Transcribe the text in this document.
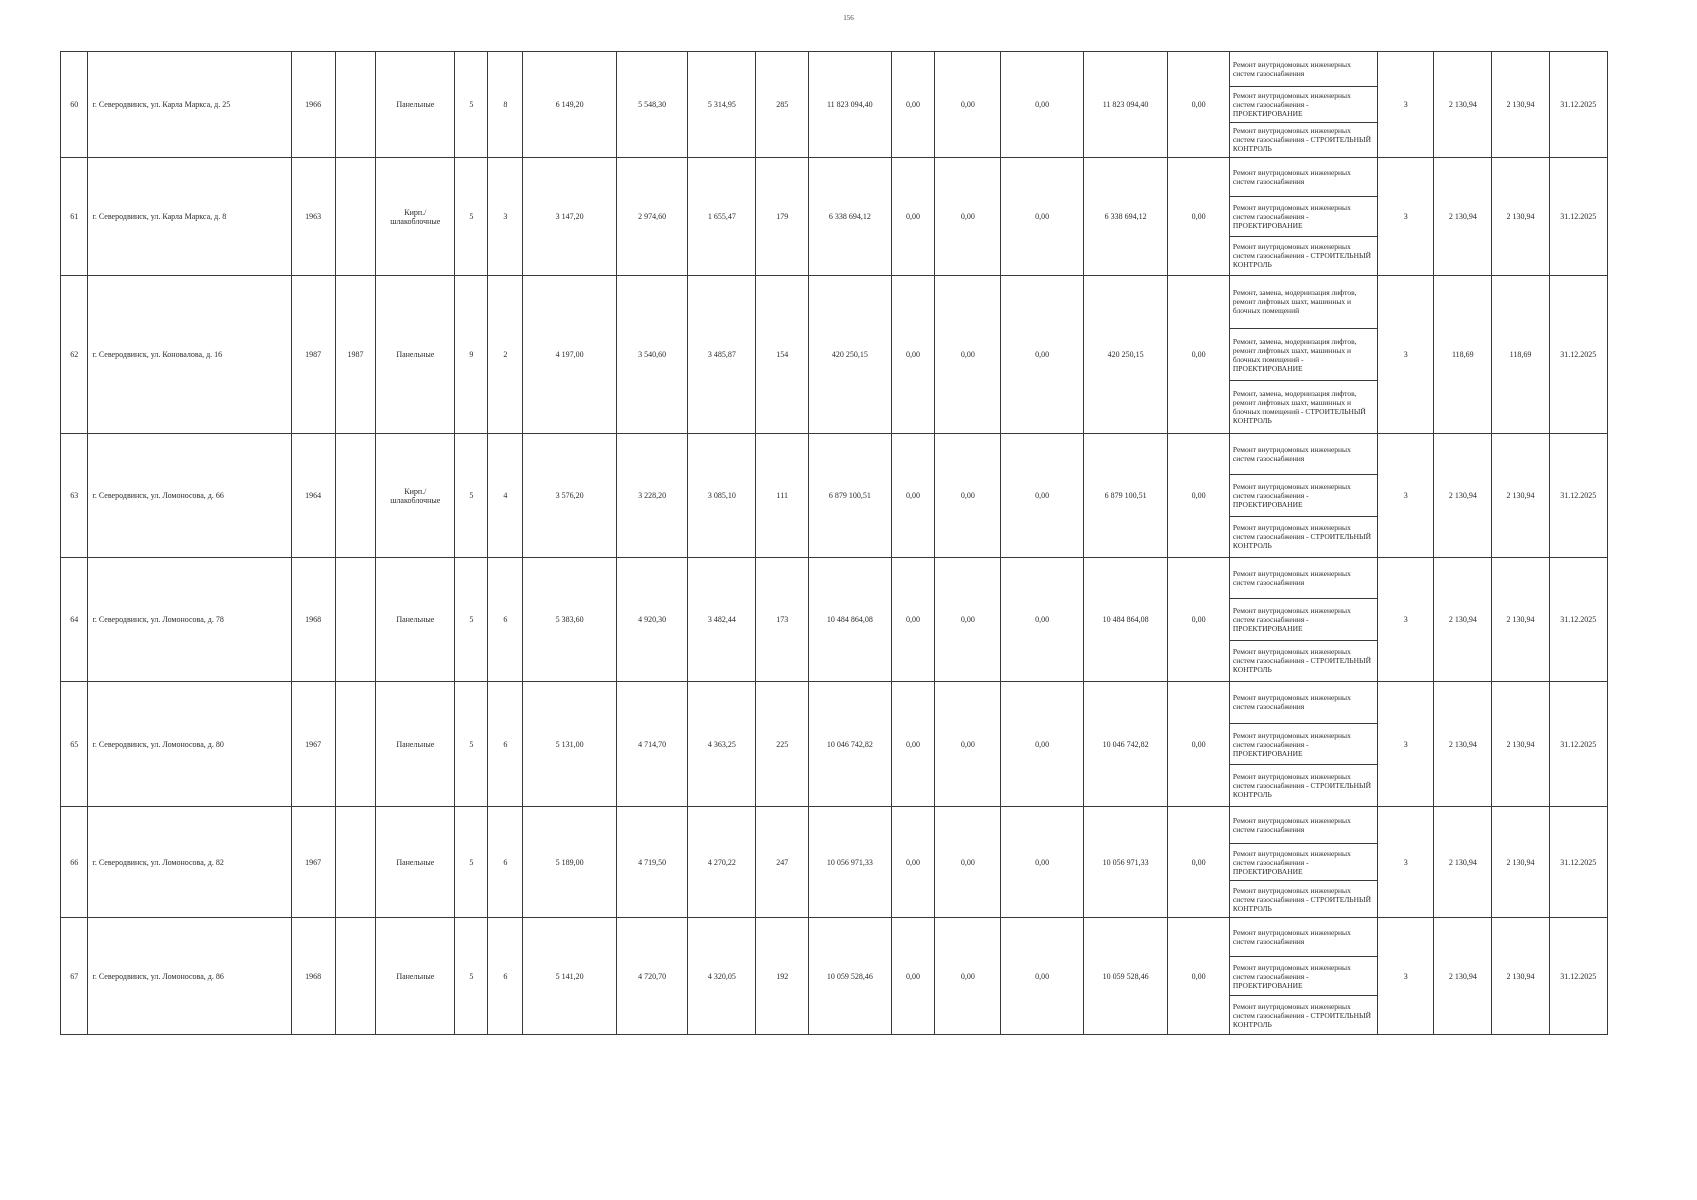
156
60	г. Северодвинск, ул. Карла Маркса, д. 25	1966		Панельные	5	8	6 149,20	5 548,30	5 314,95	285	11 823 094,40	0,00	0,00	0,00	11 823 094,40	0,00	Ремонт внутридомовых инженерных систем газоснабжения
Ремонт внутридомовых инженерных систем газоснабжения - ПРОЕКТИРОВАНИЕ
Ремонт внутридомовых инженерных систем газоснабжения - СТРОИТЕЛЬНЫЙ КОНТРОЛЬ	3	2 130,94	2 130,94	31.12.2025
61	г. Северодвинск, ул. Карла Маркса, д. 8	1963		Кирп./ шлакоблочные	5	3	3 147,20	2 974,60	1 655,47	179	6 338 694,12	0,00	0,00	0,00	6 338 694,12	0,00	Ремонт внутридомовых инженерных систем газоснабжения
Ремонт внутридомовых инженерных систем газоснабжения - ПРОЕКТИРОВАНИЕ
Ремонт внутридомовых инженерных систем газоснабжения - СТРОИТЕЛЬНЫЙ КОНТРОЛЬ	3	2 130,94	2 130,94	31.12.2025
62	г. Северодвинск, ул. Коновалова, д. 16	1987	1987	Панельные	9	2	4 197,00	3 540,60	3 485,87	154	420 250,15	0,00	0,00	0,00	420 250,15	0,00	Ремонт, замена, модернизация лифтов, ремонт лифтовых шахт, машинных и блочных помещений
Ремонт, замена, модернизация лифтов, ремонт лифтовых шахт, машинных и блочных помещений - ПРОЕКТИРОВАНИЕ
Ремонт, замена, модернизация лифтов, ремонт лифтовых шахт, машинных и блочных помещений - СТРОИТЕЛЬНЫЙ КОНТРОЛЬ	3	118,69	118,69	31.12.2025
63	г. Северодвинск, ул. Ломоносова, д. 66	1964		Кирп./ шлакоблочные	5	4	3 576,20	3 228,20	3 085,10	111	6 879 100,51	0,00	0,00	0,00	6 879 100,51	0,00	Ремонт внутридомовых инженерных систем газоснабжения
Ремонт внутридомовых инженерных систем газоснабжения - ПРОЕКТИРОВАНИЕ
Ремонт внутридомовых инженерных систем газоснабжения - СТРОИТЕЛЬНЫЙ КОНТРОЛЬ	3	2 130,94	2 130,94	31.12.2025
64	г. Северодвинск, ул. Ломоносова, д. 78	1968		Панельные	5	6	5 383,60	4 920,30	3 482,44	173	10 484 864,08	0,00	0,00	0,00	10 484 864,08	0,00	Ремонт внутридомовых инженерных систем газоснабжения
Ремонт внутридомовых инженерных систем газоснабжения - ПРОЕКТИРОВАНИЕ
Ремонт внутридомовых инженерных систем газоснабжения - СТРОИТЕЛЬНЫЙ КОНТРОЛЬ	3	2 130,94	2 130,94	31.12.2025
65	г. Северодвинск, ул. Ломоносова, д. 80	1967		Панельные	5	6	5 131,00	4 714,70	4 363,25	225	10 046 742,82	0,00	0,00	0,00	10 046 742,82	0,00	Ремонт внутридомовых инженерных систем газоснабжения
Ремонт внутридомовых инженерных систем газоснабжения - ПРОЕКТИРОВАНИЕ
Ремонт внутридомовых инженерных систем газоснабжения - СТРОИТЕЛЬНЫЙ КОНТРОЛЬ	3	2 130,94	2 130,94	31.12.2025
66	г. Северодвинск, ул. Ломоносова, д. 82	1967		Панельные	5	6	5 189,00	4 719,50	4 270,22	247	10 056 971,33	0,00	0,00	0,00	10 056 971,33	0,00	Ремонт внутридомовых инженерных систем газоснабжения
Ремонт внутридомовых инженерных систем газоснабжения - ПРОЕКТИРОВАНИЕ
Ремонт внутридомовых инженерных систем газоснабжения - СТРОИТЕЛЬНЫЙ КОНТРОЛЬ	3	2 130,94	2 130,94	31.12.2025
67	г. Северодвинск, ул. Ломоносова, д. 86	1968		Панельные	5	6	5 141,20	4 720,70	4 320,05	192	10 059 528,46	0,00	0,00	0,00	10 059 528,46	0,00	Ремонт внутридомовых инженерных систем газоснабжения
Ремонт внутридомовых инженерных систем газоснабжения - ПРОЕКТИРОВАНИЕ
Ремонт внутридомовых инженерных систем газоснабжения - СТРОИТЕЛЬНЫЙ КОНТРОЛЬ	3	2 130,94	2 130,94	31.12.2025
